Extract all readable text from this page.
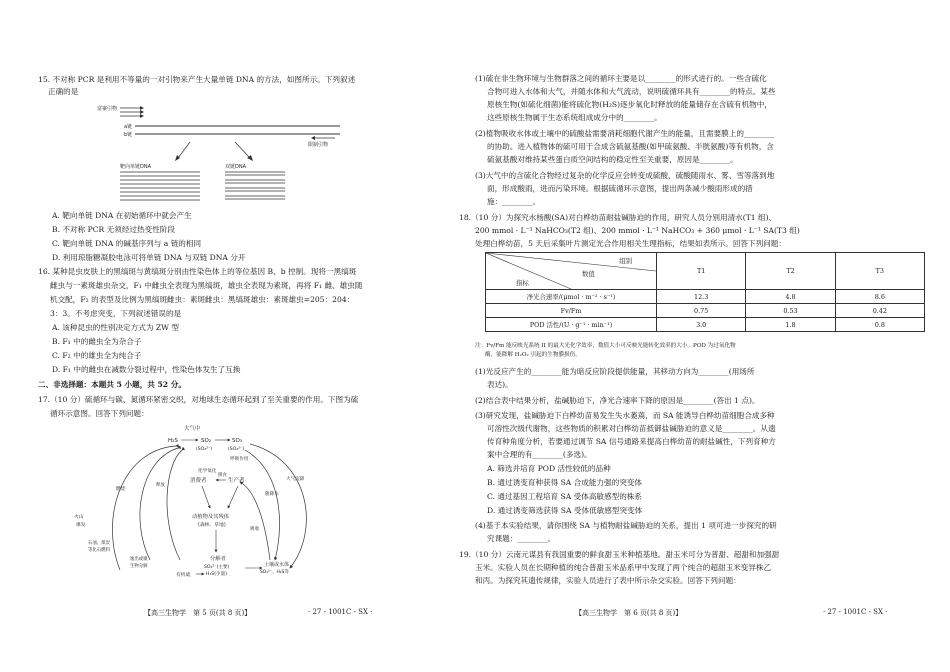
15. 不对称 PCR 是利用不等量的一对引物来产生大量单链 DNA 的方法，如图所示。下列叙述
正确的是
富案引物
a链
b链
限制引物
靶向单链DNA	双链DNA
A. 靶向单链 DNA 在初始循环中就会产生
B. 不对称 PCR 无须经过热变性阶段
C. 靶向单链 DNA 的碱基序列与 a 链的相同
D. 利用琼脂糖凝胶电泳可将单链 DNA 与双链 DNA 分开
16. 某种昆虫皮肤上的黑缟斑与黄缟斑分别由性染色体上的等位基因 B、b 控制。现将一黑缟斑
雌虫与一素斑雄虫杂交，F₁ 中雌虫全表现为黑缟斑，雄虫全表现为素斑，再将 F₁ 雌、雄虫随
机交配，F₂ 的表型及比例为黑缟斑雌虫：素斑雌虫：黑缟斑雄虫：素斑雄虫=205：204：
3：3。不考虑突变，下列叙述错误的是
A. 该种昆虫的性别决定方式为 ZW 型
B. F₁ 中的雌虫全为杂合子
C. F₂ 中的雄虫全为纯合子
D. F₁ 中的雌虫在减数分裂过程中，性染色体发生了互换
二、非选择题：本题共 5 小题，共 52 分。
17.（10 分）硫循环与碳、氮循环紧密交织，对地球生态循环起到了至关重要的作用。下图为硫
循环示意图。回答下列问题：
大气中
H₂S	SO₂	SO₃
(SO₃²⁻)	(SO₄²⁻)
化学氧化
呼吸作用
消费者	生产者
摄食
动植物及其残体
(森林、草地)
分解者
SO₄²⁻(主要)
H₂S(少量)
有机硫
土壤或水体
SO₄²⁻、H₂S等
大气沉降
随降水
吸收
燃烧
释放
火山
爆发
石油、煤炭
等化石燃料
逸出或微
生物分解
【高三生物学　第 5 页(共 8 页)】	· 27 - 1001C - SX ·
(1)硫在非生物环境与生物群落之间的循环主要是以________的形式进行的。一些含硫化
合物可进入水体和大气，并随水体和大气流动，说明硫循环具有________的特点。某些
原核生物(如硫化细菌)能将硫化物(H₂S)逐步氧化时释放的能量储存在含硫有机物中，
这些原核生物属于生态系统组成成分中的________。
(2)植物吸收水体或土壤中的硫酸盐需要消耗细胞代谢产生的能量，且需要膜上的________
的协助。进入植物体的硫可用于合成含硫氨基酸(如甲硫氨酸、半胱氨酸)等有机物，含
硫氨基酸对维持某些蛋白质空间结构的稳定性至关重要，原因是________。
(3)大气中的含硫化合物经过复杂的化学反应会转变成硫酸，硫酸随雨水、雾、雪等落到地
面，形成酸雨，进而污染环境。根据硫循环示意图，提出两条减少酸雨形成的措
施：________。
18.（10 分）为探究水杨酸(SA)对白桦幼苗耐盐碱胁迫的作用，研究人员分别用清水(T1 组)、
200 mmol · L⁻¹ NaHCO₃(T2 组)、200 mmol · L⁻¹ NaHCO₃ + 360 μmol · L⁻¹ SA(T3 组)
处理白桦幼苗，5 天后采集叶片测定光合作用相关生理指标，结果如表所示。回答下列问题：
组别
数值
指标	T1	T2	T3
净光合速率/(μmol · m⁻² · s⁻¹)	12.3	4.8	8.6
Fv/Fm	0.75	0.53	0.42
POD 活性/(U · g⁻¹ · min⁻¹)	3.0	1.8	0.8
注：Fv/Fm 能反映光系统 II 的最大光化学效率，数值大小可反映光能转化效率的大小。POD 为过氧化物
酶，能降解 H₂O₂ 引起的生物膜损伤。
(1)光反应产生的________能为暗反应阶段提供能量，其移动方向为________(用场所
表达)。
(2)结合表中结果分析，盐碱胁迫下，净光合速率下降的原因是________(答出 1 点)。
(3)研究发现，盐碱胁迫下白桦幼苗易发生失水萎蔫，而 SA 能诱导白桦幼苗细胞合成多种
可溶性次级代谢物，这些物质的积累对白桦幼苗抵御盐碱胁迫的意义是________。从遗
传育种角度分析，若要通过调节 SA 信号通路来提高白桦幼苗的耐盐碱性，下列育种方
案中合理的有________(多选)。
A. 筛选并培育 POD 活性较低的品种
B. 通过诱变育种获得 SA 合成能力强的突变体
C. 通过基因工程培育 SA 受体高敏感型的株系
D. 通过诱变筛选获得 SA 受体低敏感型突变体
(4)基于本实验结果，请你围绕 SA 与植物耐盐碱胁迫的关系，提出 1 项可进一步探究的研
究课题：________。
19.（10 分）云南元谋县有我国重要的鲜食甜玉米种植基地。甜玉米可分为普甜、超甜和加强甜
玉米。实验人员在长期种植的纯合普甜玉米品系甲中发现了两个纯合的超甜玉米变异株乙
和丙。为探究其遗传规律，实验人员进行了表中所示杂交实验。回答下列问题：
【高三生物学　第 6 页(共 8 页)】	· 27 - 1001C - SX ·
